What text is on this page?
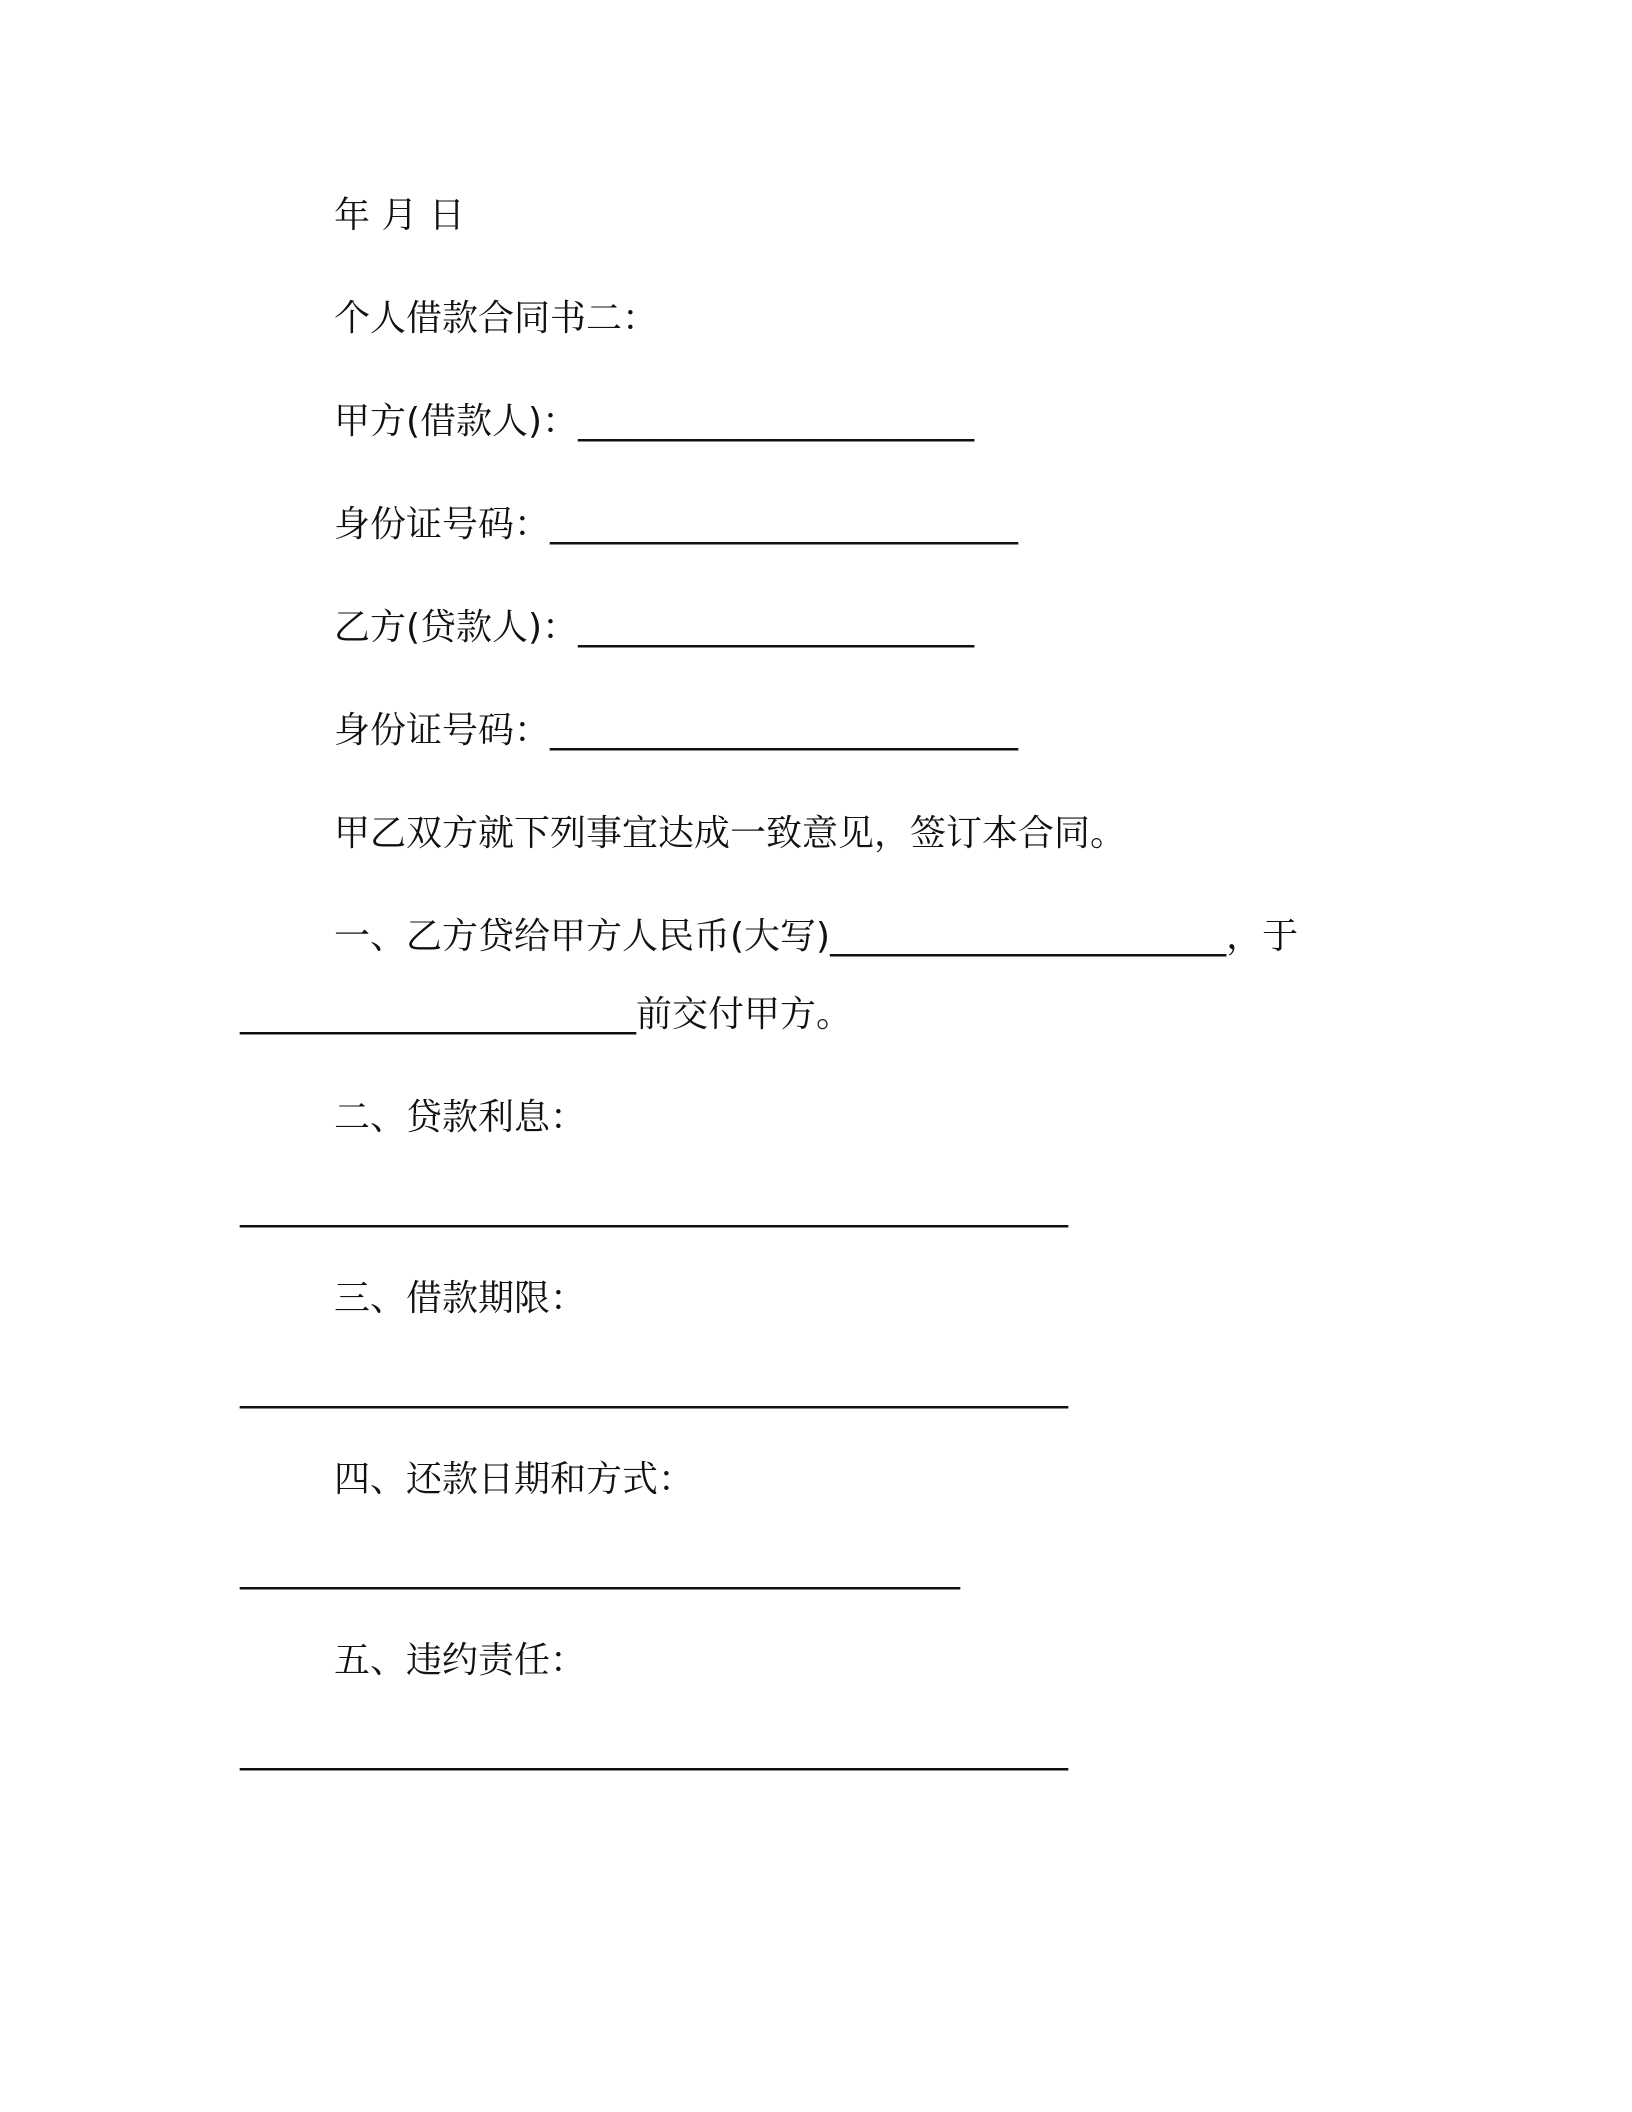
年 月 日

个人借款合同书二：

甲方(借款人)：______________________

身份证号码：__________________________

乙方(贷款人)：______________________

身份证号码：__________________________

甲乙双方就下列事宜达成一致意见，签订本合同。

一、乙方贷给甲方人民币(大写)______________________，于

______________________前交付甲方。

二、贷款利息：

______________________________________________

三、借款期限：

______________________________________________

四、还款日期和方式：

________________________________________

五、违约责任：

______________________________________________
